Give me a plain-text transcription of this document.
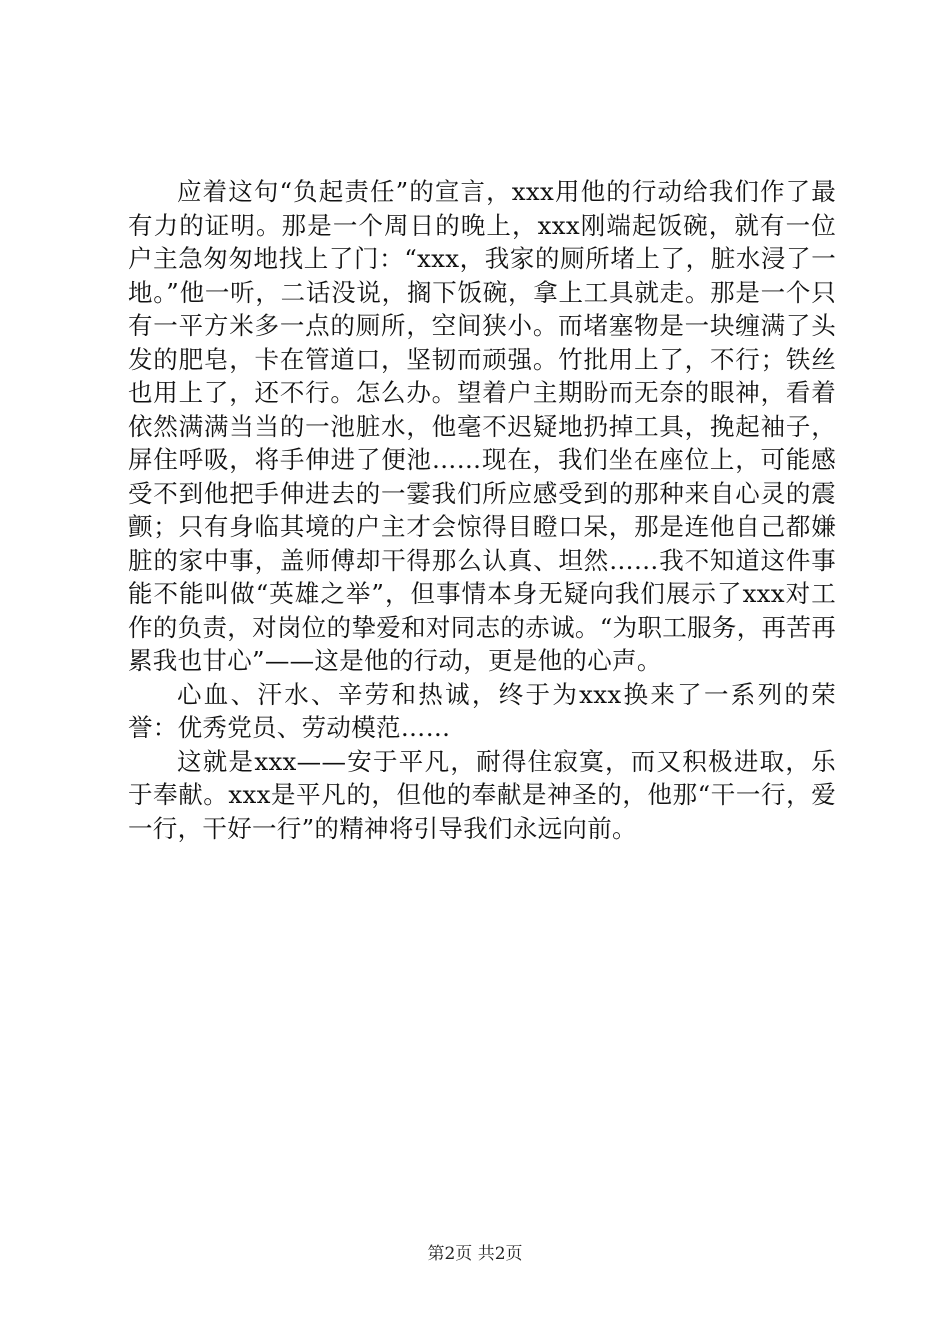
应着这句“负起责任”的宣言，xxx用他的行动给我们作了最有力的证明。那是一个周日的晚上，xxx刚端起饭碗，就有一位户主急匆匆地找上了门：“xxx，我家的厕所堵上了，脏水浸了一地。”他一听，二话没说，搁下饭碗，拿上工具就走。那是一个只有一平方米多一点的厕所，空间狭小。而堵塞物是一块缠满了头发的肥皂，卡在管道口，坚韧而顽强。竹批用上了，不行；铁丝也用上了，还不行。怎么办。望着户主期盼而无奈的眼神，看着依然满满当当的一池脏水，他毫不迟疑地扔掉工具，挽起袖子，屏住呼吸，将手伸进了便池……现在，我们坐在座位上，可能感受不到他把手伸进去的一霎我们所应感受到的那种来自心灵的震颤；只有身临其境的户主才会惊得目瞪口呆，那是连他自己都嫌脏的家中事，盖师傅却干得那么认真、坦然……我不知道这件事能不能叫做“英雄之举”，但事情本身无疑向我们展示了xxx对工作的负责，对岗位的挚爱和对同志的赤诚。“为职工服务，再苦再累我也甘心”——这是他的行动，更是他的心声。

心血、汗水、辛劳和热诚，终于为xxx换来了一系列的荣誉：优秀党员、劳动模范……

这就是xxx——安于平凡，耐得住寂寞，而又积极进取，乐于奉献。xxx是平凡的，但他的奉献是神圣的，他那“干一行，爱一行，干好一行”的精神将引导我们永远向前。

第2页 共2页
